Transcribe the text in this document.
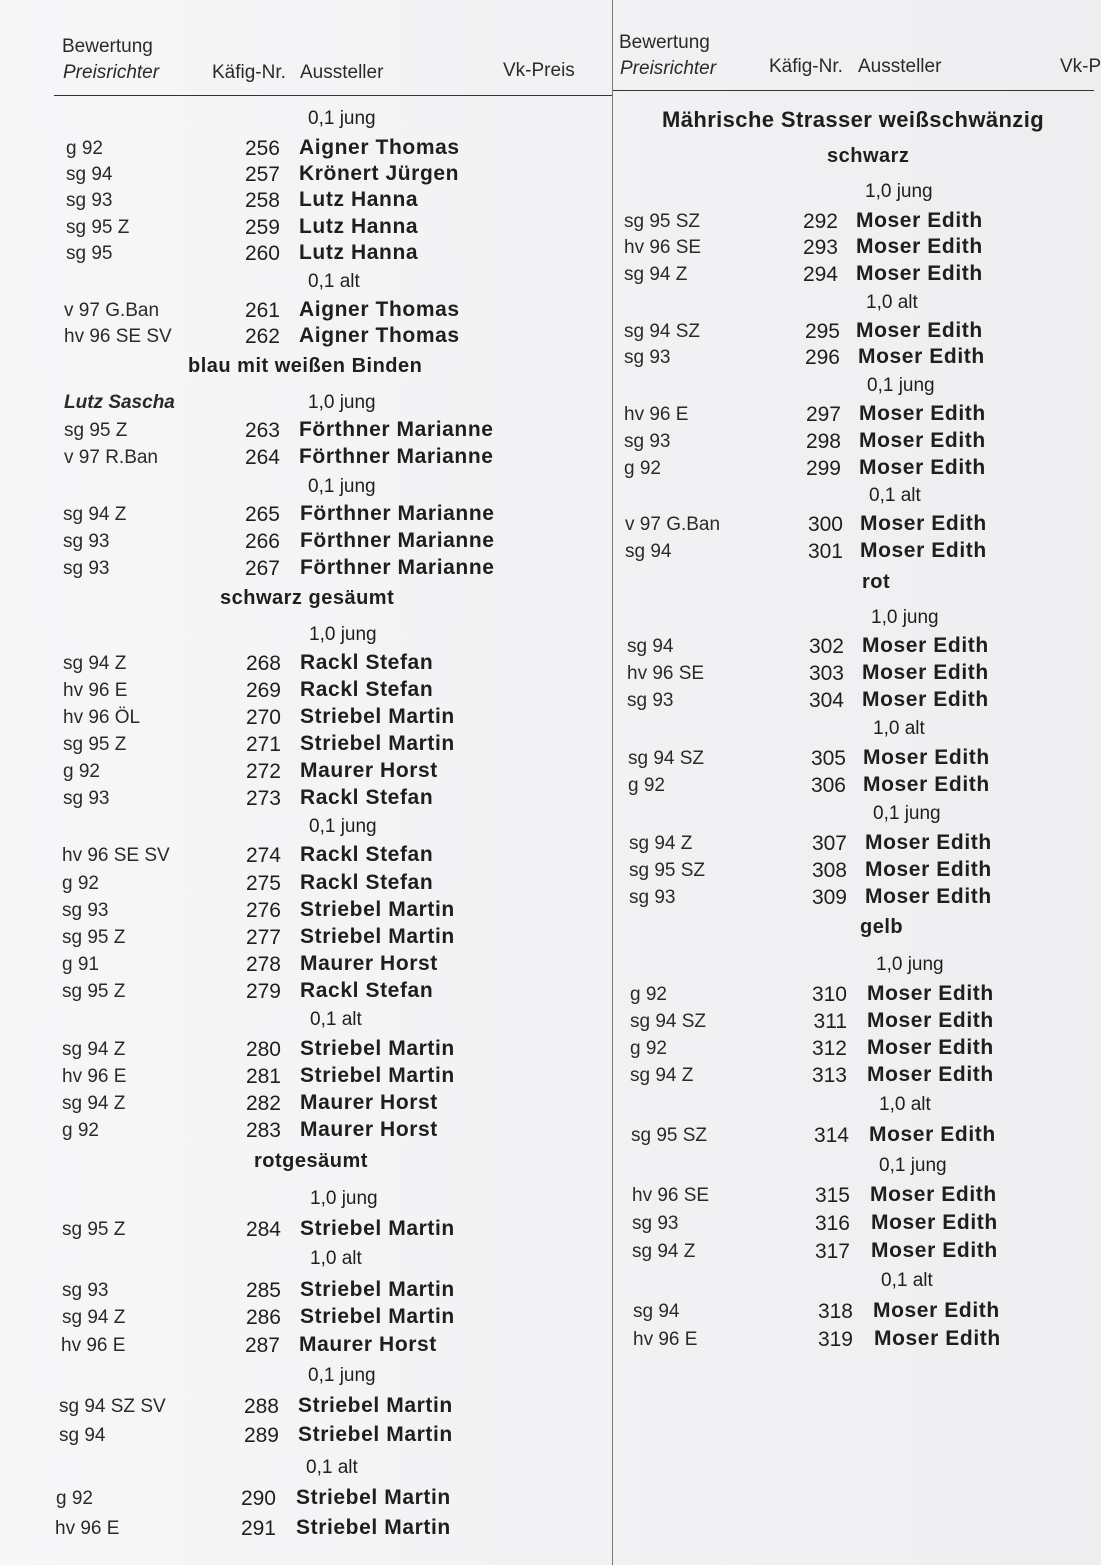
Bewertung
Preisrichter	Käfig-Nr. Aussteller	Vk-Preis
Bewertung
Preisrichter	Käfig-Nr. Aussteller	Vk-P
0,1 jung
g 92	256 Aigner Thomas
sg 94	257 Krönert Jürgen
sg 93	258 Lutz Hanna
sg 95 Z	259 Lutz Hanna
sg 95	260 Lutz Hanna
0,1 alt
v 97 G.Ban	261 Aigner Thomas
hv 96 SE SV	262 Aigner Thomas
blau mit weißen Binden
Lutz Sascha	1,0 jung
sg 95 Z	263 Förthner Marianne
v 97 R.Ban	264 Förthner Marianne
0,1 jung
sg 94 Z	265 Förthner Marianne
sg 93	266 Förthner Marianne
sg 93	267 Förthner Marianne
schwarz gesäumt
1,0 jung
sg 94 Z	268 Rackl Stefan
hv 96 E	269 Rackl Stefan
hv 96 ÖL	270 Striebel Martin
sg 95 Z	271 Striebel Martin
g 92	272 Maurer Horst
sg 93	273 Rackl Stefan
0,1 jung
hv 96 SE SV	274 Rackl Stefan
g 92	275 Rackl Stefan
sg 93	276 Striebel Martin
sg 95 Z	277 Striebel Martin
g 91	278 Maurer Horst
sg 95 Z	279 Rackl Stefan
0,1 alt
sg 94 Z	280 Striebel Martin
hv 96 E	281 Striebel Martin
sg 94 Z	282 Maurer Horst
g 92	283 Maurer Horst
rotgesäumt
1,0 jung
sg 95 Z	284 Striebel Martin
1,0 alt
sg 93	285 Striebel Martin
sg 94 Z	286 Striebel Martin
hv 96 E	287 Maurer Horst
0,1 jung
sg 94 SZ SV	288 Striebel Martin
sg 94	289 Striebel Martin
0,1 alt
g 92	290 Striebel Martin
hv 96 E	291 Striebel Martin
Mährische Strasser weißschwänzig
schwarz
1,0 jung
sg 95 SZ	292 Moser Edith
hv 96 SE	293 Moser Edith
sg 94 Z	294 Moser Edith
1,0 alt
sg 94 SZ	295 Moser Edith
sg 93	296 Moser Edith
0,1 jung
hv 96 E	297 Moser Edith
sg 93	298 Moser Edith
g 92	299 Moser Edith
0,1 alt
v 97 G.Ban	300 Moser Edith
sg 94	301 Moser Edith
rot
1,0 jung
sg 94	302 Moser Edith
hv 96 SE	303 Moser Edith
sg 93	304 Moser Edith
1,0 alt
sg 94 SZ	305 Moser Edith
g 92	306 Moser Edith
0,1 jung
sg 94 Z	307 Moser Edith
sg 95 SZ	308 Moser Edith
sg 93	309 Moser Edith
gelb
1,0 jung
g 92	310 Moser Edith
sg 94 SZ	311 Moser Edith
g 92	312 Moser Edith
sg 94 Z	313 Moser Edith
1,0 alt
sg 95 SZ	314 Moser Edith
0,1 jung
hv 96 SE	315 Moser Edith
sg 93	316 Moser Edith
sg 94 Z	317 Moser Edith
0,1 alt
sg 94	318 Moser Edith
hv 96 E	319 Moser Edith
